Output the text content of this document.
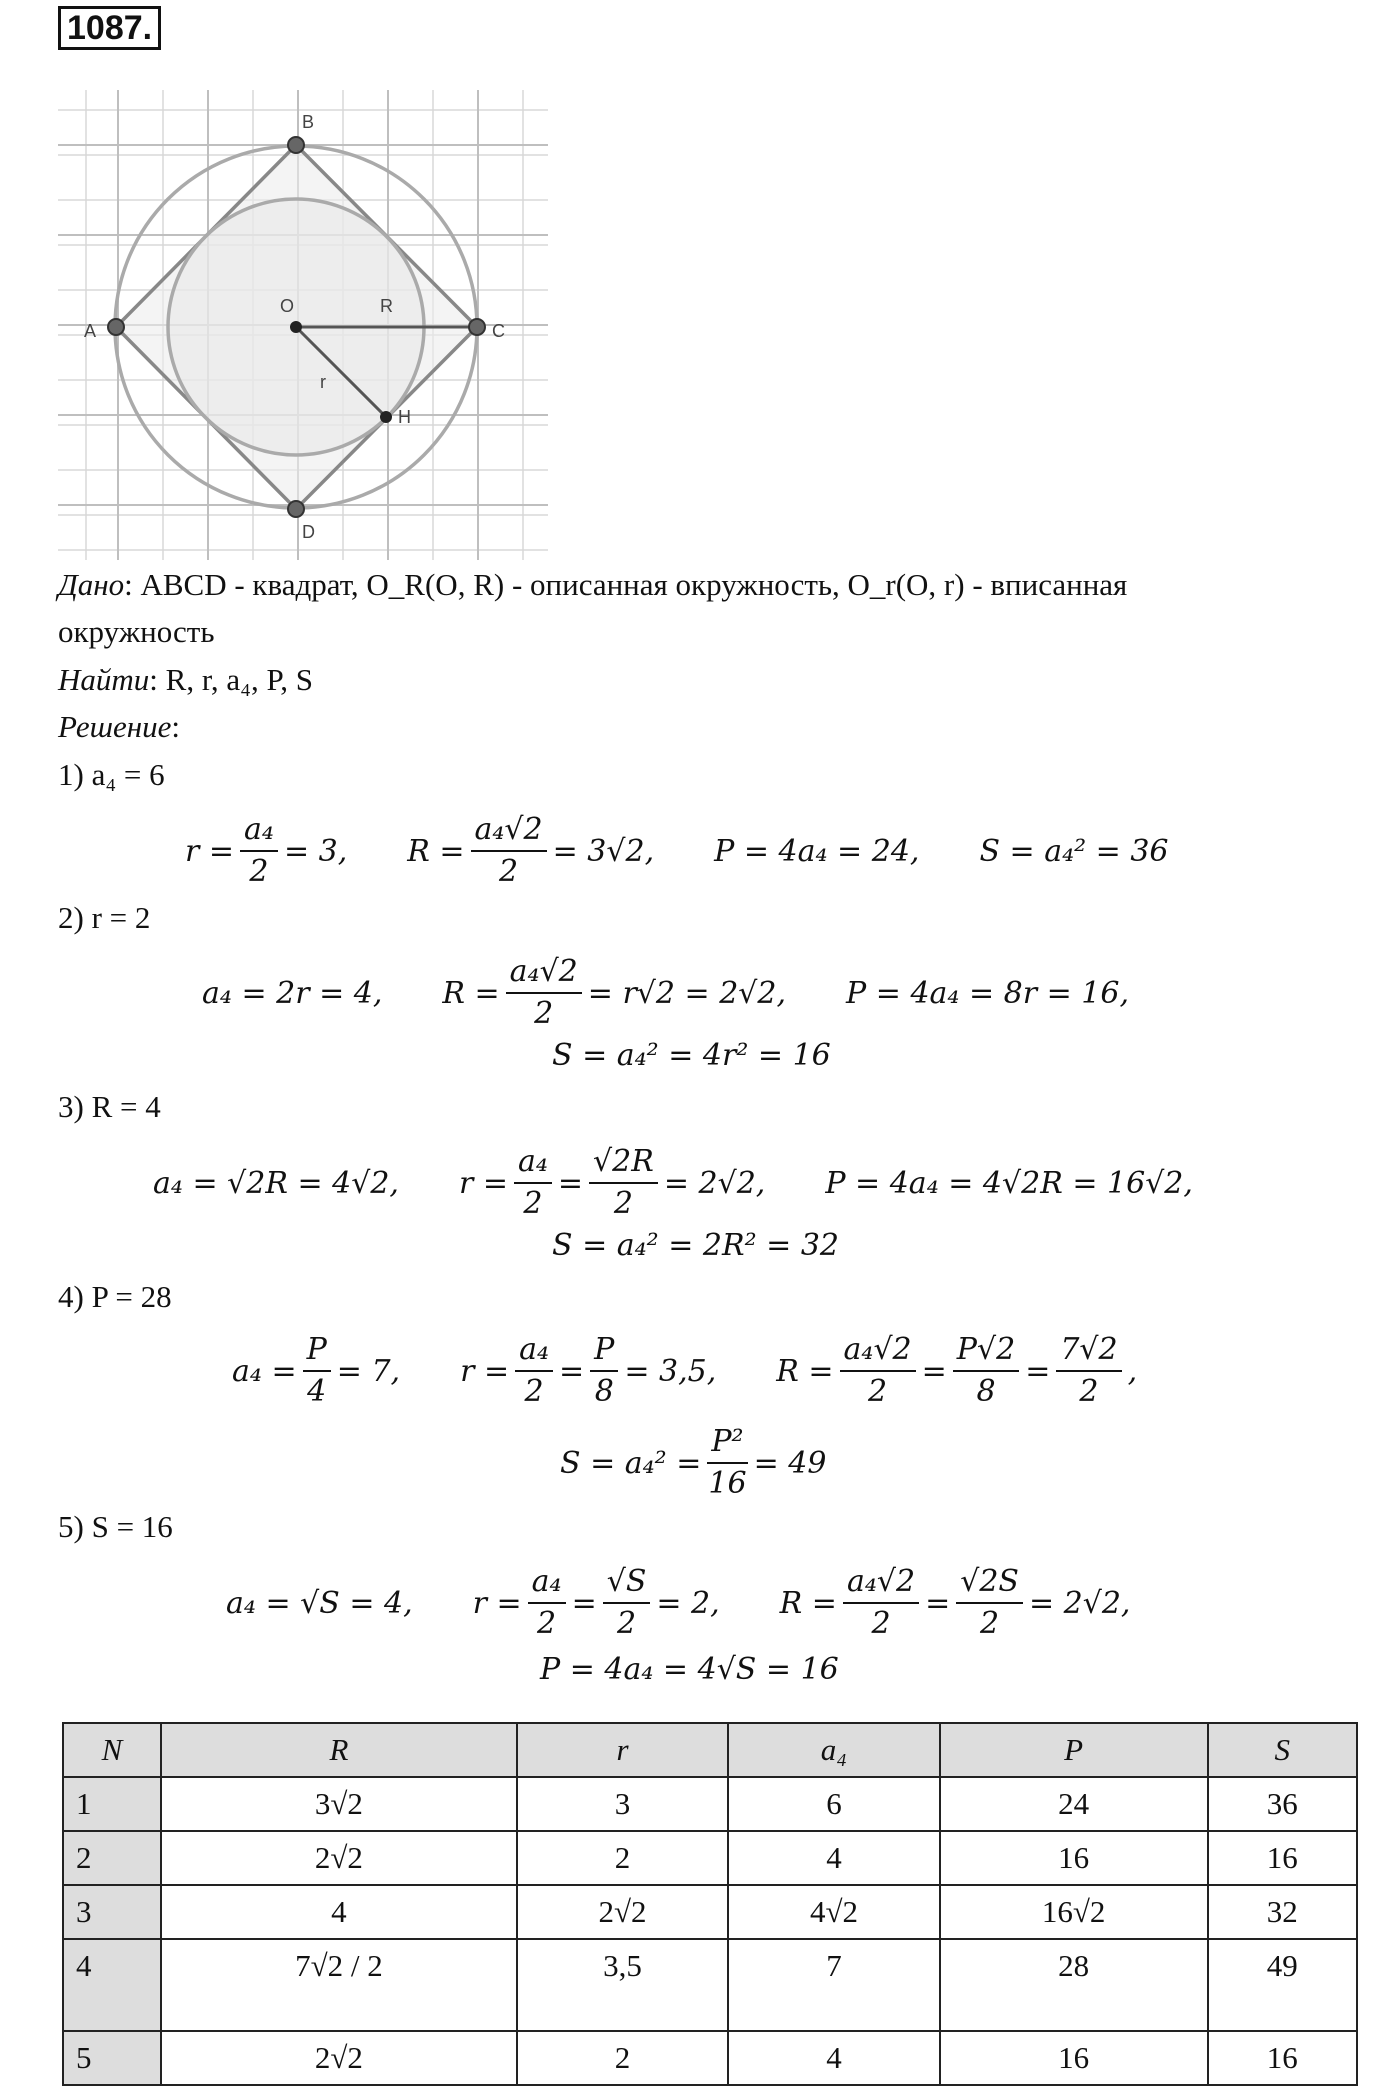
1087.
A
B
C
D
O
H
R
r
Дано: ABCD - квадрат, O_R(O, R) - описанная окружность, O_r(O, r) - вписанная
окружность
Найти: R, r, a₄, P, S
Решение:
1) a₄ = 6
$r = \frac{\text{a₄}}{2} = 3$, $R = \frac{\text{a₄√2}}{2} = 3√2$, P = 4a₄ = 24, S = a₄² = 36
2) r = 2
a₄ = 2r = 4, $R = \frac{\text{a₄√2}}{2} = r√2 = 2√2$, P = 4a₄ = 8r = 16,
S = a₄² = 4r² = 16
3) R = 4
a₄ = √2R = 4√2, $r = \frac{\text{a₄}}{2} = \frac{√2R}{2} = 2√2$, P = 4a₄ = 4√2R = 16√2,
S = a₄² = 2R² = 32
4) P = 28
$a_4 = \frac{P}{4} = 7$, $r = \frac{\text{a₄}}{2} = \frac{P}{8} = 3,5$, $R = \frac{\text{a₄√2}}{2} = \frac{P√2}{8} = \frac{7√2}{2}$ ,
$S = a_4^2 = \frac{\text{P²}}{16} = 49$
5) S = 16
a₄ = √S = 4, $r = \frac{\text{a₄}}{2} = \frac{√S}{2} = 2$, $R = \frac{\text{a₄√2}}{2} = \frac{√2S}{2} = 2√2$,
P = 4a₄ = 4√S = 16
N	R	r	a₄	P	S
1	3√2	3	6	24	36
2	2√2	2	4	16	16
3	4	2√2	4√2	16√2	32
4	7√2 / 2	3,5	7	28	49
5	2√2	2	4	16	16
